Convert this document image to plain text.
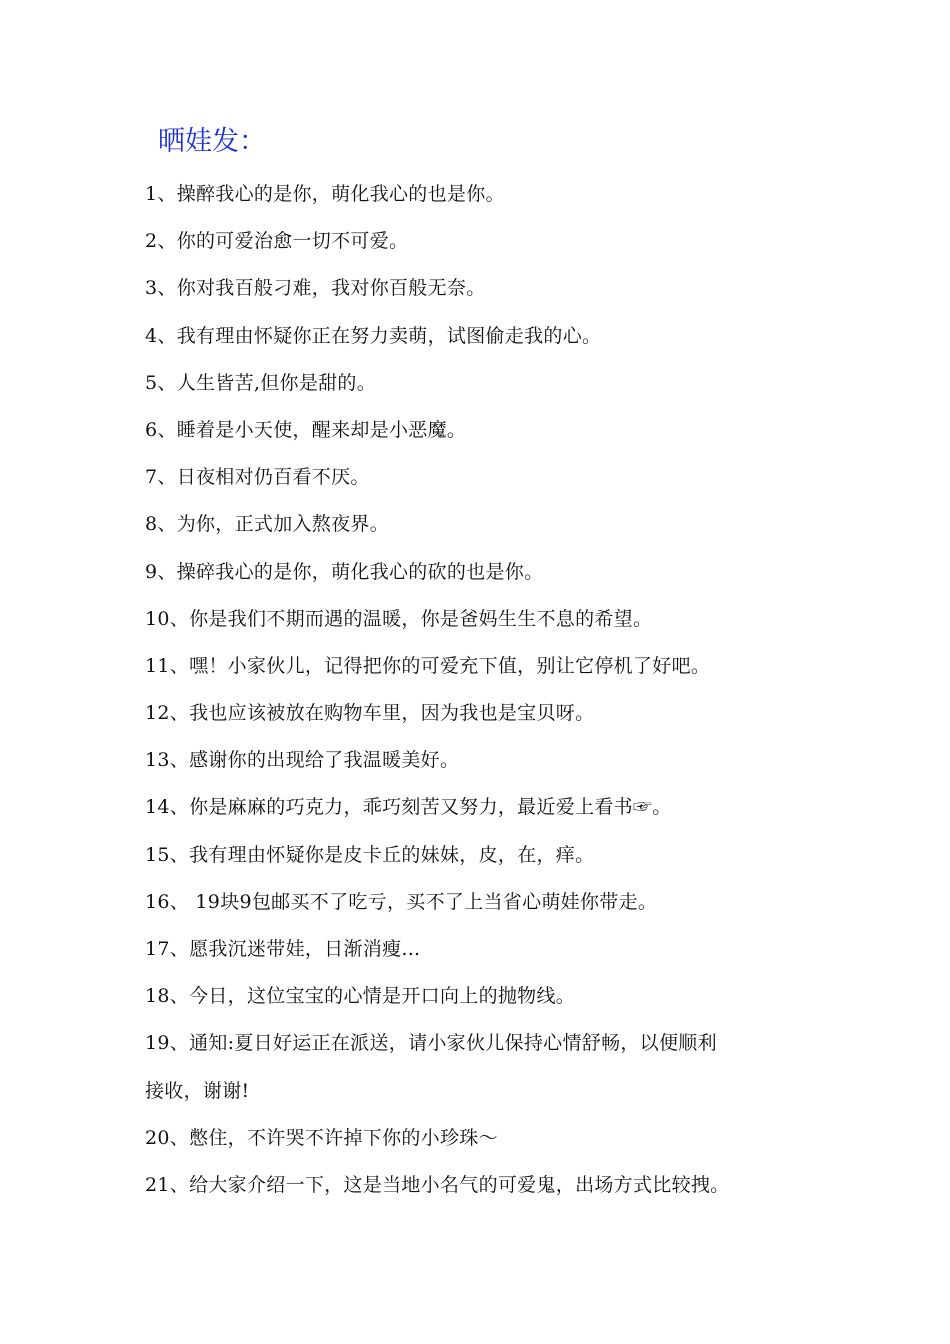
晒娃发：
1、操醉我心的是你，萌化我心的也是你。
2、你的可爱治愈一切不可爱。
3、你对我百般刁难，我对你百般无奈。
4、我有理由怀疑你正在努力卖萌，试图偷走我的心。
5、人生皆苦,但你是甜的。
6、睡着是小天使，醒来却是小恶魔。
7、日夜相对仍百看不厌。
8、为你，正式加入熬夜界。
9、操碎我心的是你，萌化我心的砍的也是你。
10、你是我们不期而遇的温暖，你是爸妈生生不息的希望。
11、嘿！小家伙儿，记得把你的可爱充下值，别让它停机了好吧。
12、我也应该被放在购物车里，因为我也是宝贝呀。
13、感谢你的出现给了我温暖美好。
14、你是麻麻的巧克力，乖巧刻苦又努力，最近爱上看书☞。
15、我有理由怀疑你是皮卡丘的妹妹，皮，在，痒。
16、 19块9包邮买不了吃亏，买不了上当省心萌娃你带走。
17、愿我沉迷带娃，日渐消瘦...
18、今日，这位宝宝的心情是开口向上的抛物线。
19、通知:夏日好运正在派送，请小家伙儿保持心情舒畅，以便顺利
接收，谢谢!
20、憋住，不许哭不许掉下你的小珍珠～
21、给大家介绍一下，这是当地小名气的可爱鬼，出场方式比较拽。
